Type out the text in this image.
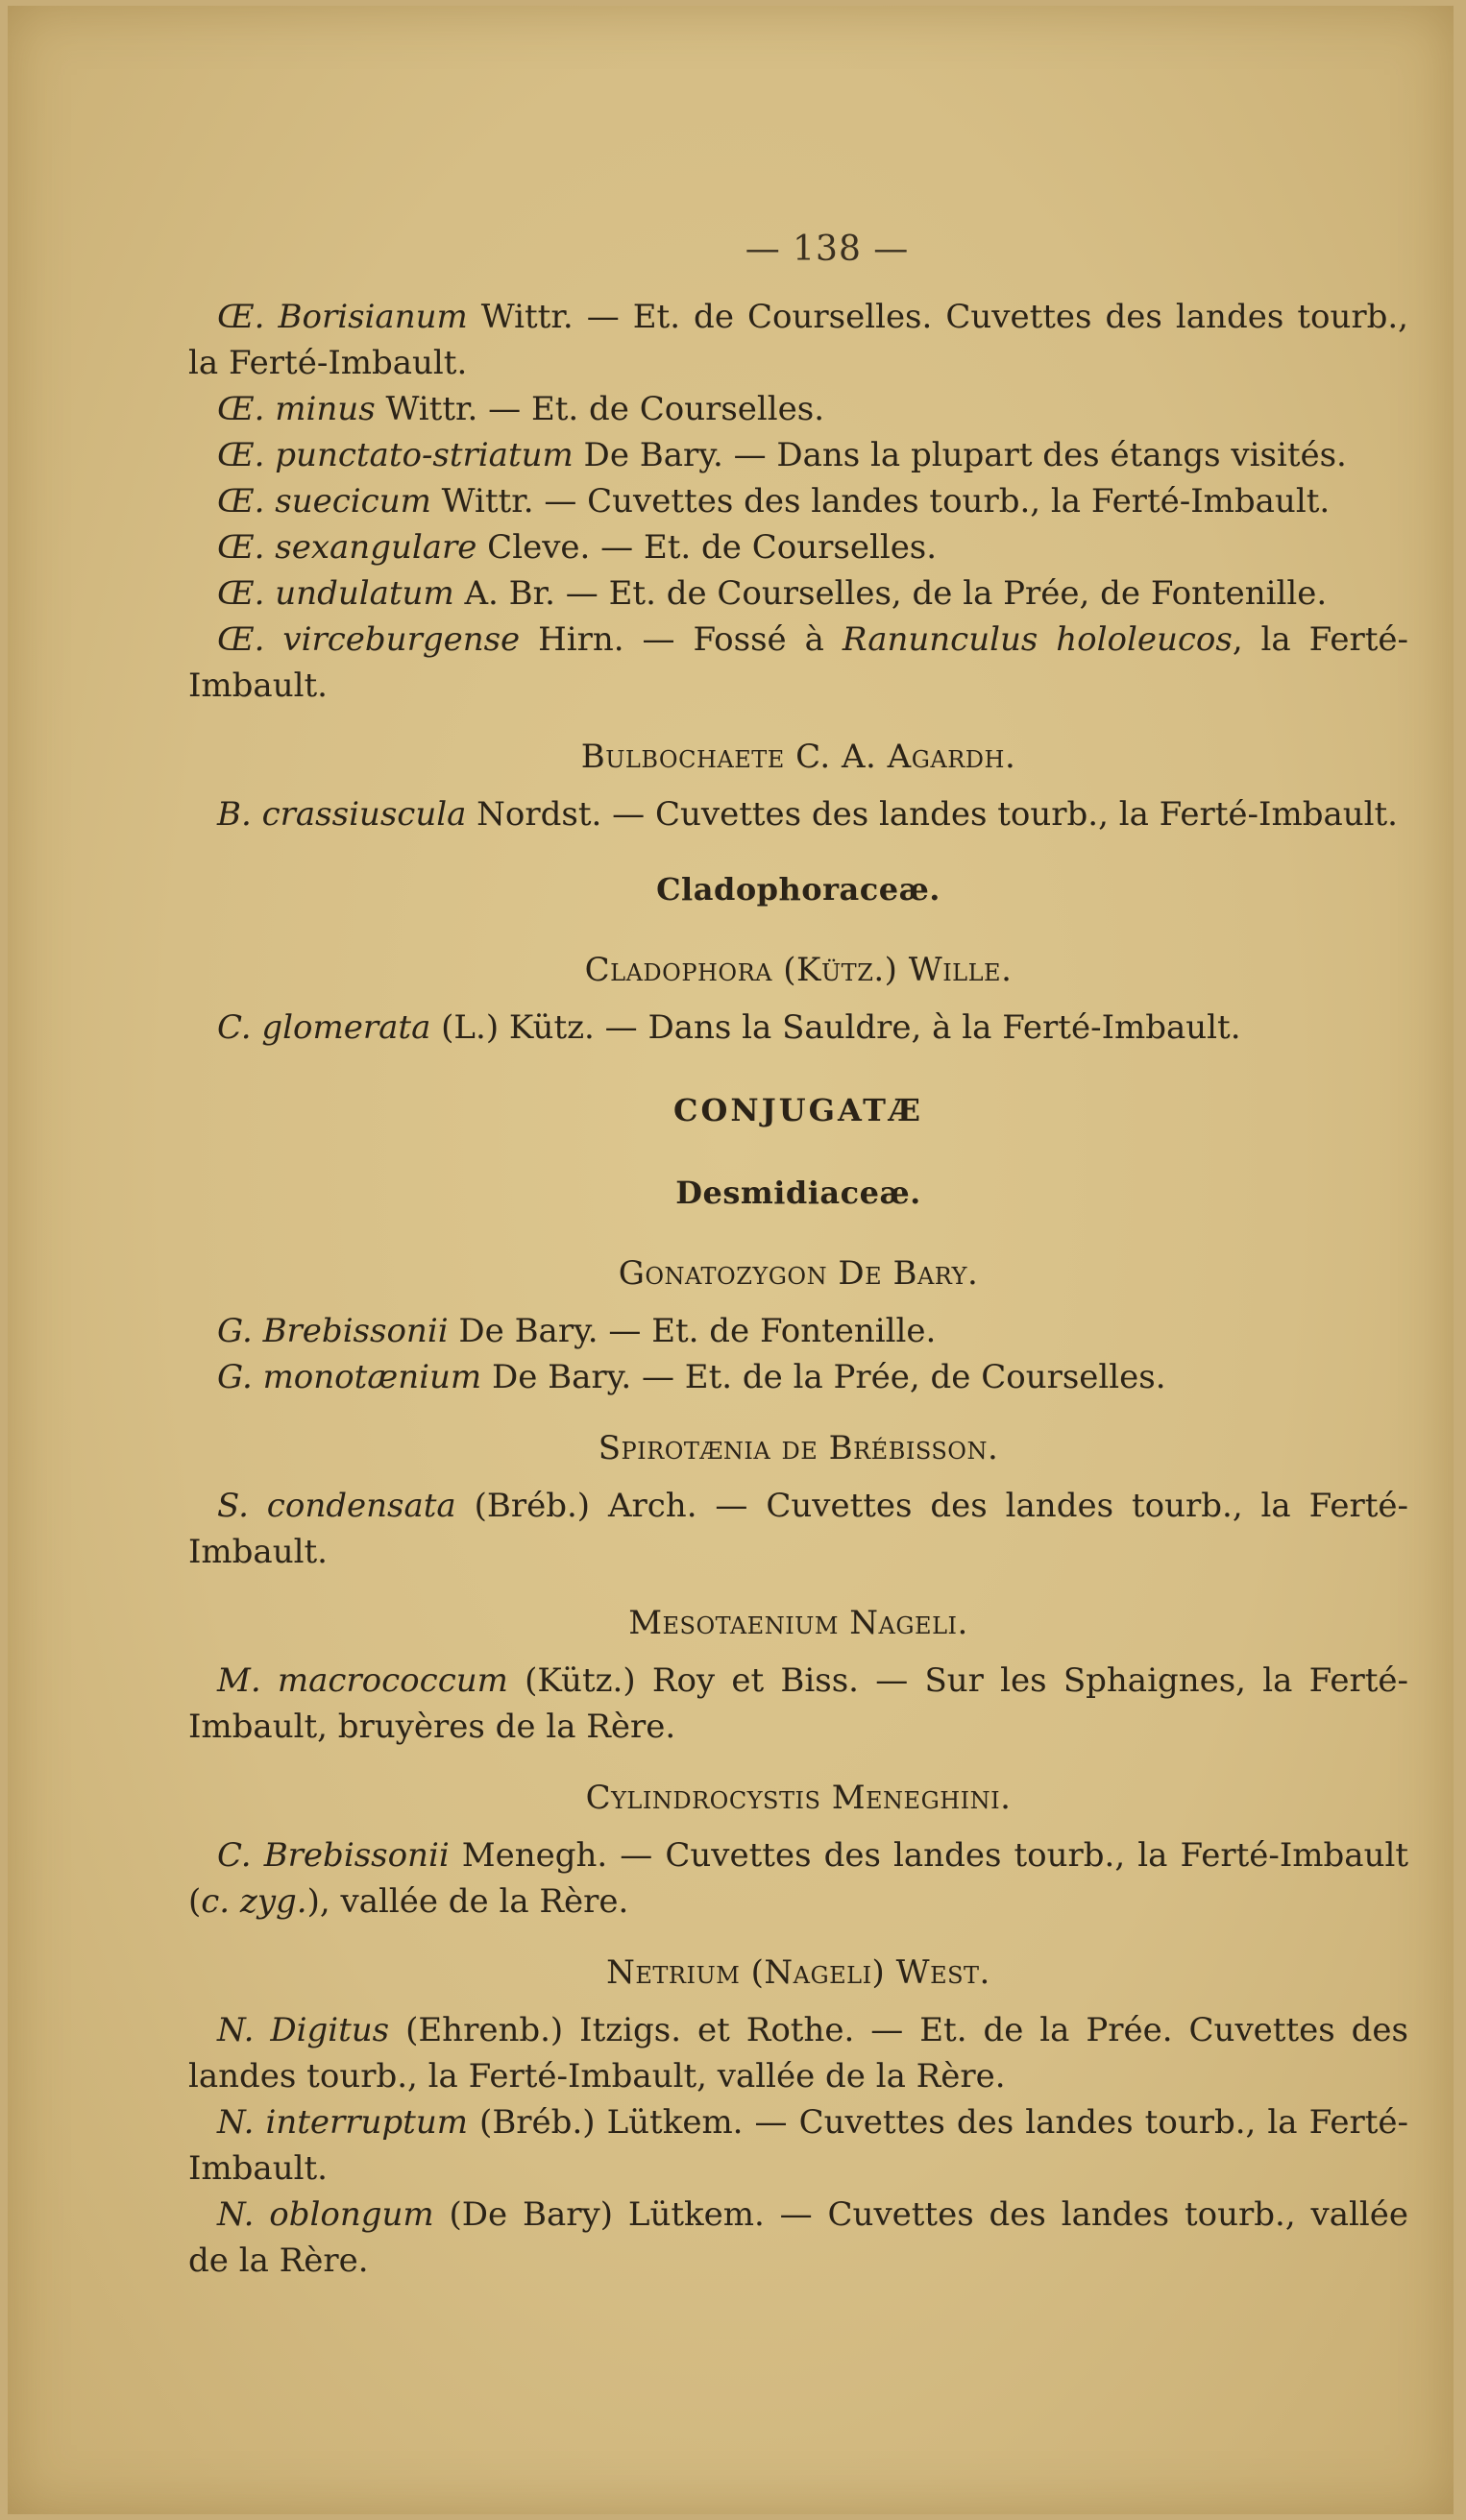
— 138 —

Œ. Borisianum Wittr. — Et. de Courselles. Cuvettes des landes tourb., la Ferté-Imbault.

Œ. minus Wittr. — Et. de Courselles.

Œ. punctato-striatum De Bary. — Dans la plupart des étangs visités.

Œ. suecicum Wittr. — Cuvettes des landes tourb., la Ferté-Imbault.

Œ. sexangulare Cleve. — Et. de Courselles.

Œ. undulatum A. Br. — Et. de Courselles, de la Prée, de Fontenille.

Œ. virceburgense Hirn. — Fossé à Ranunculus hololeucos, la Ferté-Imbault.

Bulbochaete C. A. Agardh.

B. crassiuscula Nordst. — Cuvettes des landes tourb., la Ferté-Imbault.

Cladophoraceæ.
Cladophora (Kütz.) Wille.

C. glomerata (L.) Kütz. — Dans la Sauldre, à la Ferté-Imbault.

CONJUGATÆ
Desmidiaceæ.
Gonatozygon De Bary.

G. Brebissonii De Bary. — Et. de Fontenille.

G. monotænium De Bary. — Et. de la Prée, de Courselles.

Spirotænia de Brébisson.

S. condensata (Bréb.) Arch. — Cuvettes des landes tourb., la Ferté-Imbault.

Mesotaenium Nageli.

M. macrococcum (Kütz.) Roy et Biss. — Sur les Sphaignes, la Ferté-Imbault, bruyères de la Rère.

Cylindrocystis Meneghini.

C. Brebissonii Menegh. — Cuvettes des landes tourb., la Ferté-Imbault (c. zyg.), vallée de la Rère.

Netrium (Nageli) West.

N. Digitus (Ehrenb.) Itzigs. et Rothe. — Et. de la Prée. Cuvettes des landes tourb., la Ferté-Imbault, vallée de la Rère.

N. interruptum (Bréb.) Lütkem. — Cuvettes des landes tourb., la Ferté-Imbault.

N. oblongum (De Bary) Lütkem. — Cuvettes des landes tourb., vallée de la Rère.
